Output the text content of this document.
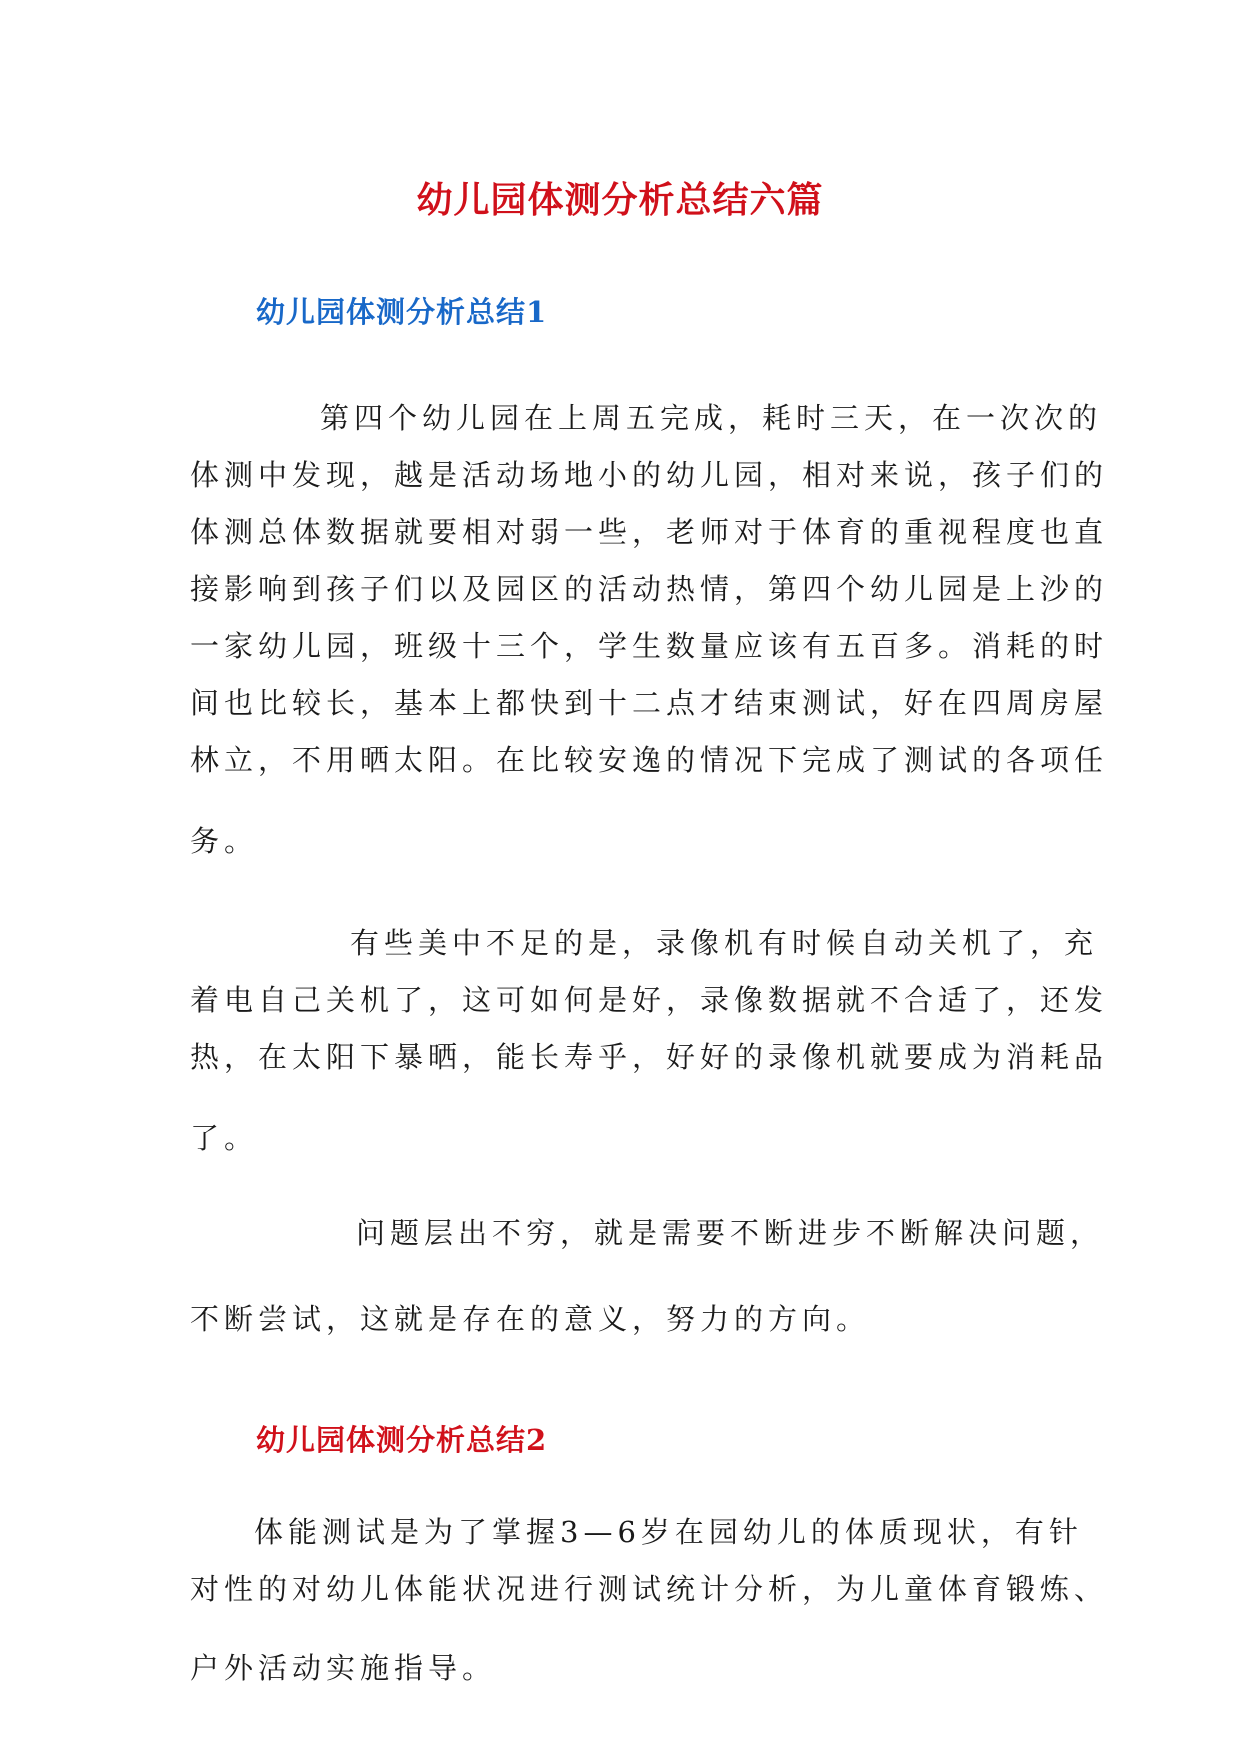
幼儿园体测分析总结六篇
幼儿园体测分析总结1
第四个幼儿园在上周五完成，耗时三天，在一次次的
体测中发现，越是活动场地小的幼儿园，相对来说，孩子们的
体测总体数据就要相对弱一些，老师对于体育的重视程度也直
接影响到孩子们以及园区的活动热情，第四个幼儿园是上沙的
一家幼儿园，班级十三个，学生数量应该有五百多。消耗的时
间也比较长，基本上都快到十二点才结束测试，好在四周房屋
林立，不用晒太阳。在比较安逸的情况下完成了测试的各项任
务。
有些美中不足的是，录像机有时候自动关机了，充
着电自己关机了，这可如何是好，录像数据就不合适了，还发
热，在太阳下暴晒，能长寿乎，好好的录像机就要成为消耗品
了。
问题层出不穷，就是需要不断进步不断解决问题，
不断尝试，这就是存在的意义，努力的方向。
幼儿园体测分析总结2
体能测试是为了掌握3—6岁在园幼儿的体质现状，有针
对性的对幼儿体能状况进行测试统计分析，为儿童体育锻炼、
户外活动实施指导。
